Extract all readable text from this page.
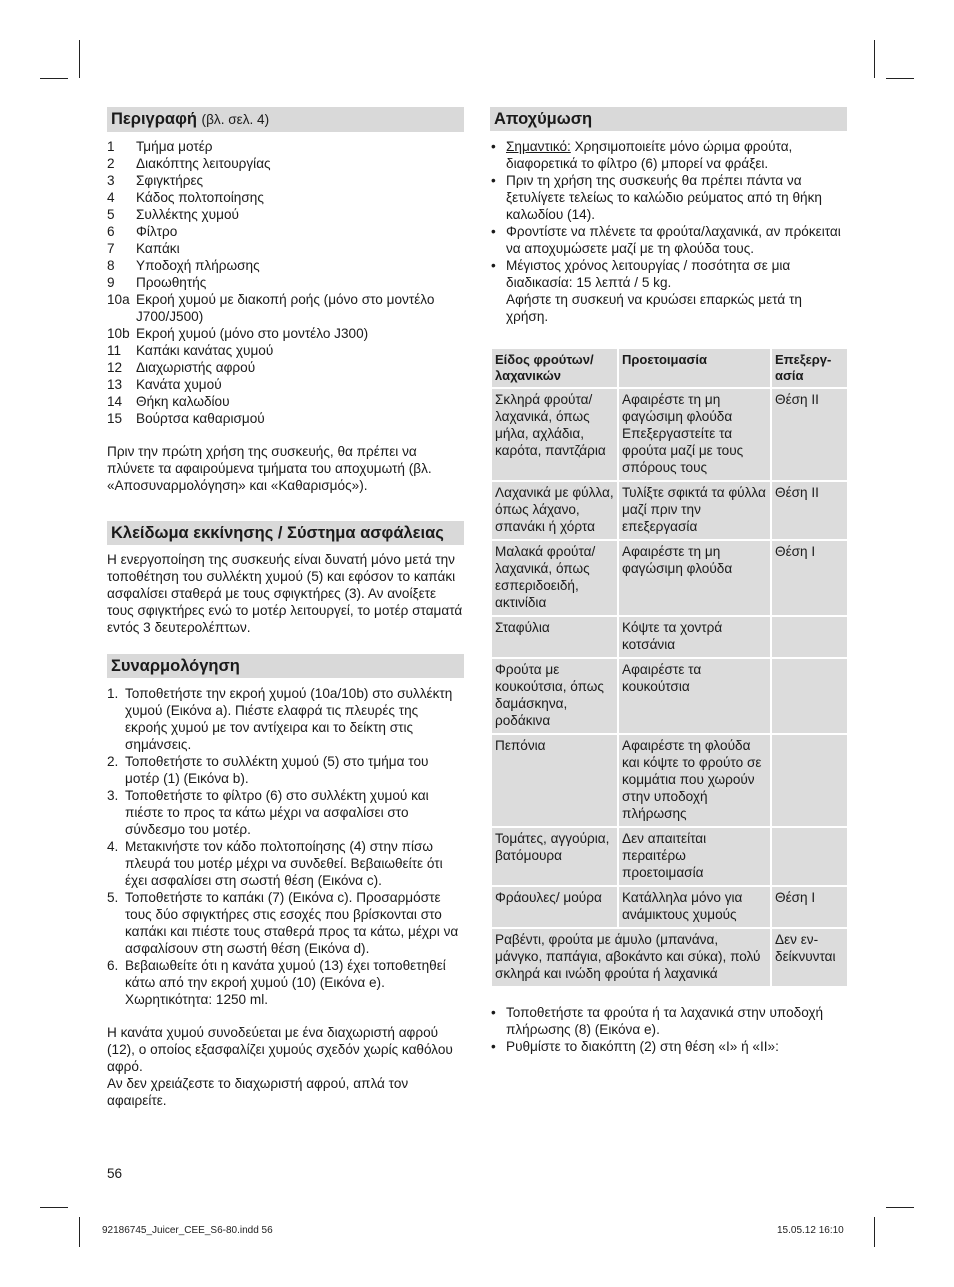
Περιγραφή (βλ. σελ. 4)
1	Τμήμα μοτέρ
2	Διακόπτης λειτουργίας
3	Σφιγκτήρες
4	Κάδος πολτοποίησης
5	Συλλέκτης χυμού
6	Φίλτρο
7	Καπάκι
8	Υποδοχή πλήρωσης
9	Προωθητής
10a Εκροή χυμού με διακοπή ροής (μόνο στο μοντέλο J700/J500)
10b Εκροή χυμού (μόνο στο μοντέλο J300)
11	Καπάκι κανάτας χυμού
12	Διαχωριστής αφρού
13	Κανάτα χυμού
14	Θήκη καλωδίου
15	Βούρτσα καθαρισμού

Πριν την πρώτη χρήση της συσκευής, θα πρέπει να πλύνετε τα αφαιρούμενα τμήματα του αποχυμωτή (βλ. «Αποσυναρμολόγηση» και «Καθαρισμός»).

Κλείδωμα εκκίνησης / Σύστημα ασφάλειας

Η ενεργοποίηση της συσκευής είναι δυνατή μόνο μετά την τοποθέτηση του συλλέκτη χυμού (5) και εφόσον το καπάκι ασφαλίσει σταθερά με τους σφιγκτήρες (3). Αν ανοίξετε τους σφιγκτήρες ενώ το μοτέρ λειτουργεί, το μοτέρ σταματά εντός 3 δευτερολέπτων.

Συναρμολόγηση
1. Τοποθετήστε την εκροή χυμού (10a/10b) στο συλλέκτη χυμού (Εικόνα a). Πιέστε ελαφρά τις πλευρές της εκροής χυμού με τον αντίχειρα και το δείκτη στις σημάνσεις.
2. Τοποθετήστε το συλλέκτη χυμού (5) στο τμήμα του μοτέρ (1) (Εικόνα b).
3. Τοποθετήστε το φίλτρο (6) στο συλλέκτη χυμού και πιέστε το προς τα κάτω μέχρι να ασφαλίσει στο σύνδεσμο του μοτέρ.
4. Μετακινήστε τον κάδο πολτοποίησης (4) στην πίσω πλευρά του μοτέρ μέχρι να συνδεθεί. Βεβαιωθείτε ότι έχει ασφαλίσει στη σωστή θέση (Εικόνα c).
5. Τοποθετήστε το καπάκι (7) (Εικόνα c). Προσαρμόστε τους δύο σφιγκτήρες στις εσοχές που βρίσκονται στο καπάκι και πιέστε τους σταθερά προς τα κάτω, μέχρι να ασφαλίσουν στη σωστή θέση (Εικόνα d).
6. Βεβαιωθείτε ότι η κανάτα χυμού (13) έχει τοποθετηθεί κάτω από την εκροή χυμού (10) (Εικόνα e). Χωρητικότητα: 1250 ml.

Η κανάτα χυμού συνοδεύεται με ένα διαχωριστή αφρού (12), ο οποίος εξασφαλίζει χυμούς σχεδόν χωρίς καθόλου αφρό.

Αν δεν χρειάζεστε το διαχωριστή αφρού, απλά τον αφαιρείτε.

56
Αποχύμωση
• Σημαντικό: Χρησιμοποιείτε μόνο ώριμα φρούτα, διαφορετικά το φίλτρο (6) μπορεί να φράξει.
• Πριν τη χρήση της συσκευής θα πρέπει πάντα να ξετυλίγετε τελείως το καλώδιο ρεύματος από τη θήκη καλωδίου (14).
• Φροντίστε να πλένετε τα φρούτα/λαχανικά, αν πρόκειται να αποχυμώσετε μαζί με τη φλούδα τους.
• Μέγιστος χρόνος λειτουργίας / ποσότητα σε μια διαδικασία: 15 λεπτά / 5 kg.
Αφήστε τη συσκευή να κρυώσει επαρκώς μετά τη χρήση.
Είδος φρούτων/ λαχανικών	Προετοιμασία	Επεξεργ-ασία
Σκληρά φρούτα/ λαχανικά, όπως μήλα, αχλάδια, καρότα, παντζάρια	Αφαιρέστε τη μη φαγώσιμη φλούδα Επεξεργαστείτε τα φρούτα μαζί με τους σπόρους τους	Θέση II
Λαχανικά με φύλλα, όπως λάχανο, σπανάκι ή χόρτα	Τυλίξτε σφικτά τα φύλλα μαζί πριν την επεξεργασία	Θέση II
Μαλακά φρούτα/ λαχανικά, όπως εσπεριδοειδή, ακτινίδια	Αφαιρέστε τη μη φαγώσιμη φλούδα	Θέση I
Σταφύλια	Κόψτε τα χοντρά κοτσάνια	
Φρούτα με κουκούτσια, όπως δαμάσκηνα, ροδάκινα	Αφαιρέστε τα κουκούτσια	
Πεπόνια	Αφαιρέστε τη φλούδα και κόψτε το φρούτο σε κομμάτια που χωρούν στην υποδοχή πλήρωσης	
Τομάτες, αγγούρια, βατόμουρα	Δεν απαιτείται περαιτέρω προετοιμασία	
Φράουλες/ μούρα	Κατάλληλα μόνο για ανάμικτους χυμούς	Θέση I
Ραβέντι, φρούτα με άμυλο (μπανάνα, μάνγκο, παπάγια, αβοκάντο και σύκα), πολύ σκληρά και ινώδη φρούτα ή λαχανικά		Δεν εν-δείκνυνται
• Τοποθετήστε τα φρούτα ή τα λαχανικά στην υποδοχή πλήρωσης (8) (Εικόνα e).
• Ρυθμίστε το διακόπτη (2) στη θέση «I» ή «II»:
92186745_Juicer_CEE_S6-80.indd 56	15.05.12 16:10
